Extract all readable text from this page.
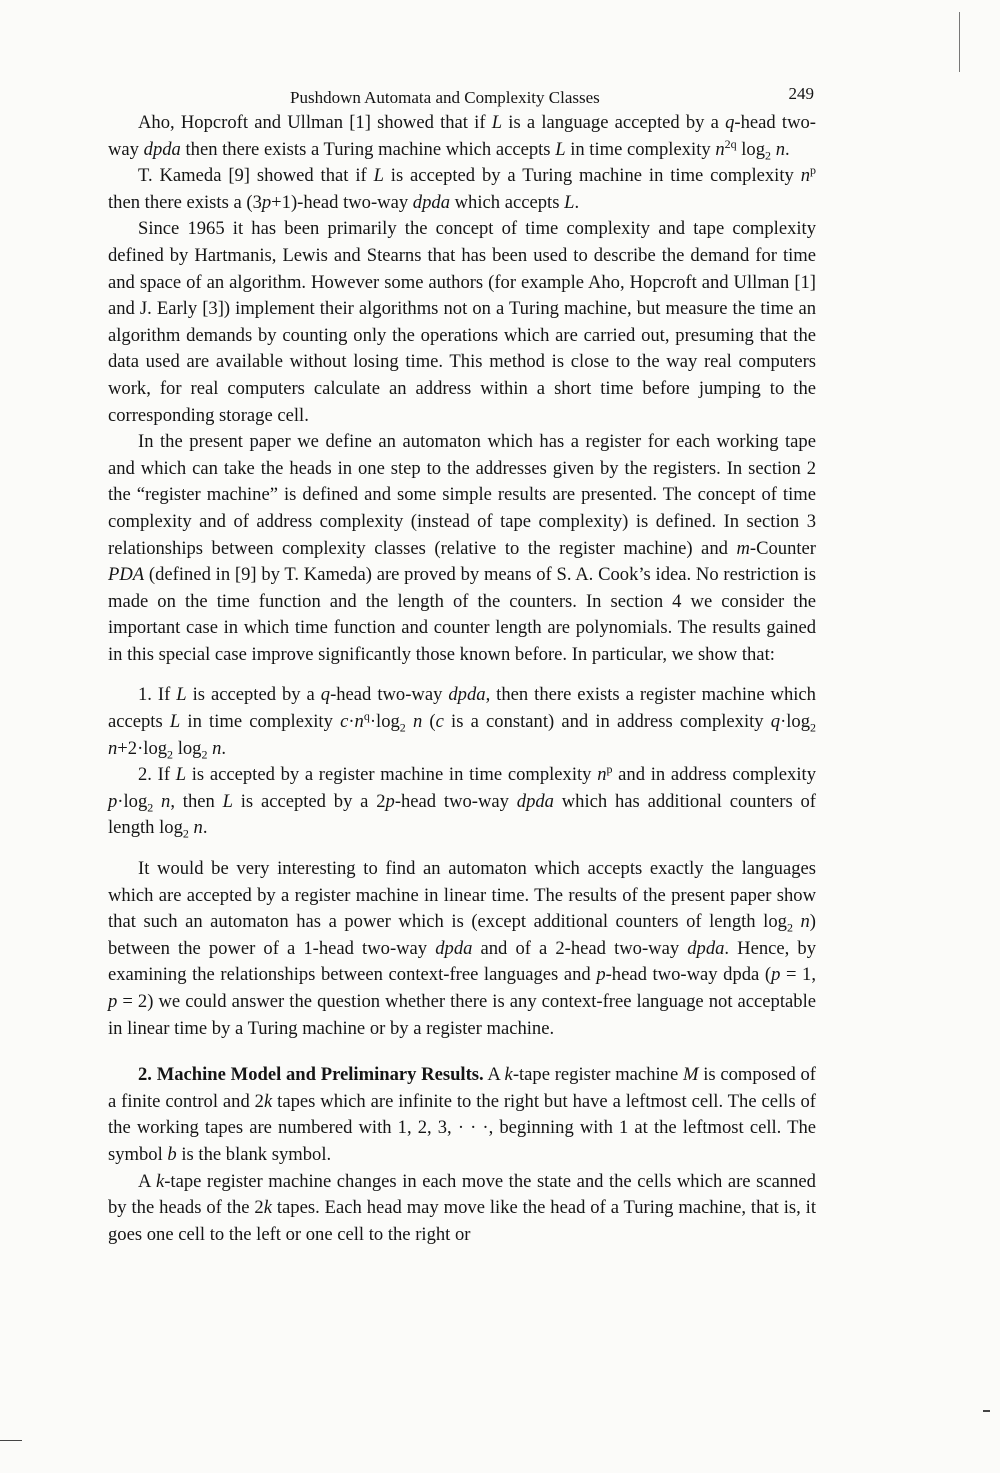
Pushdown Automata and Complexity Classes	249

Aho, Hopcroft and Ullman [1] showed that if L is a language accepted by a q-head two-way dpda then there exists a Turing machine which accepts L in time complexity $n^{2q}$ $\log_2 n$.

T. Kameda [9] showed that if L is accepted by a Turing machine in time complexity $n^p$ then there exists a (3p+1)-head two-way dpda which accepts L.

Since 1965 it has been primarily the concept of time complexity and tape complexity defined by Hartmanis, Lewis and Stearns that has been used to describe the demand for time and space of an algorithm. However some authors (for example Aho, Hopcroft and Ullman [1] and J. Early [3]) implement their algorithms not on a Turing machine, but measure the time an algorithm demands by counting only the operations which are carried out, presuming that the data used are available without losing time. This method is close to the way real computers work, for real computers calculate an address within a short time before jumping to the corresponding storage cell.

In the present paper we define an automaton which has a register for each working tape and which can take the heads in one step to the addresses given by the registers. In section 2 the “register machine” is defined and some simple results are presented. The concept of time complexity and of address complexity (instead of tape complexity) is defined. In section 3 relationships between complexity classes (relative to the register machine) and m-Counter PDA (defined in [9] by T. Kameda) are proved by means of S. A. Cook’s idea. No restriction is made on the time function and the length of the counters. In section 4 we consider the important case in which time function and counter length are polynomials. The results gained in this special case improve significantly those known before. In particular, we show that:

1. If L is accepted by a q-head two-way dpda, then there exists a register machine which accepts L in time complexity $c\cdot n^q\cdot\log_2$ n (c is a constant) and in address complexity $q\cdot\log_2$ $n+2\cdot\log_2$ $\log_2 n$.

2. If L is accepted by a register machine in time complexity $n^p$ and in address complexity $p\cdot\log_2$ n, then L is accepted by a 2p-head two-way dpda which has additional counters of length $\log_2 n$.

It would be very interesting to find an automaton which accepts exactly the languages which are accepted by a register machine in linear time. The results of the present paper show that such an automaton has a power which is (except additional counters of length $\log_2 n$) between the power of a 1-head two-way dpda and of a 2-head two-way dpda. Hence, by examining the relationships between context-free languages and p-head two-way dpda (p = 1, p = 2) we could answer the question whether there is any context-free language not acceptable in linear time by a Turing machine or by a register machine.

2. Machine Model and Preliminary Results. A k-tape register machine M is composed of a finite control and 2k tapes which are infinite to the right but have a leftmost cell. The cells of the working tapes are numbered with 1, 2, 3, · · ·, beginning with 1 at the leftmost cell. The symbol b is the blank symbol.

A k-tape register machine changes in each move the state and the cells which are scanned by the heads of the 2k tapes. Each head may move like the head of a Turing machine, that is, it goes one cell to the left or one cell to the right or
